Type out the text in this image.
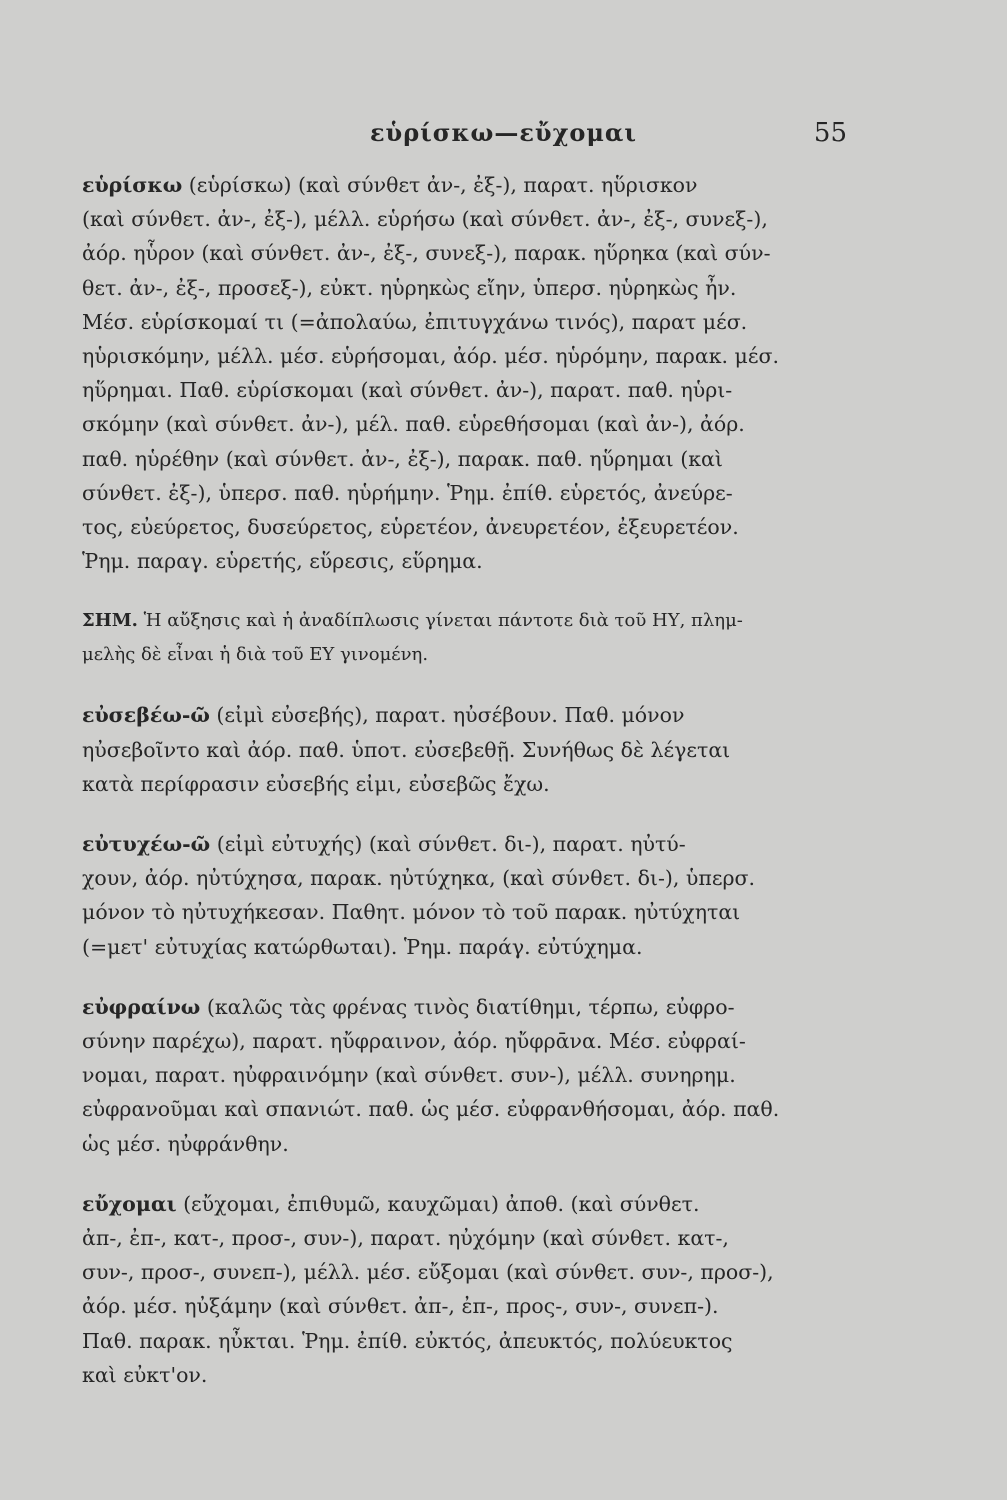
εὑρίσκω—εὔχομαι	55
εὑρίσκω (εὑρίσκω) (καὶ σύνθετ ἀν-, ἐξ-), παρατ. ηὕρισκον
(καὶ σύνθετ. ἀν-, ἐξ-), μέλλ. εὑρήσω (καὶ σύνθετ. ἀν-, ἐξ-, συνεξ-),
ἀόρ. ηὗρον (καὶ σύνθετ. ἀν-, ἐξ-, συνεξ-), παρακ. ηὕρηκα (καὶ σύν-
θετ. ἀν-, ἐξ-, προσεξ-), εὐκτ. ηὑρηκὼς εἴην, ὑπερσ. ηὑρηκὼς ἦν.
Μέσ. εὑρίσκομαί τι (=ἀπολαύω, ἐπιτυγχάνω τινός), παρατ μέσ.
ηὑρισκόμην, μέλλ. μέσ. εὑρήσομαι, ἀόρ. μέσ. ηὑρόμην, παρακ. μέσ.
ηὕρημαι. Παθ. εὑρίσκομαι (καὶ σύνθετ. ἀν-), παρατ. παθ. ηὑρι-
σκόμην (καὶ σύνθετ. ἀν-), μέλ. παθ. εὑρεθήσομαι (καὶ ἀν-), ἀόρ.
παθ. ηὑρέθην (καὶ σύνθετ. ἀν-, ἐξ-), παρακ. παθ. ηὕρημαι (καὶ
σύνθετ. ἐξ-), ὑπερσ. παθ. ηὑρήμην. Ῥημ. ἐπίθ. εὑρετός, ἀνεύρε-
τος, εὐεύρετος, δυσεύρετος, εὑρετέον, ἀνευρετέον, ἐξευρετέον.
Ῥημ. παραγ. εὑρετής, εὕρεσις, εὕρημα.
ΣΗΜ. Ἡ αὔξησις καὶ ἡ ἀναδίπλωσις γίνεται πάντοτε διὰ τοῦ ΗΥ, πλημ-
μελὴς δὲ εἶναι ἡ διὰ τοῦ ΕΥ γινομένη.
εὐσεβέω-ῶ (εἰμὶ εὐσεβής), παρατ. ηὐσέβουν. Παθ. μόνον
ηὐσεβοῖντο καὶ ἀόρ. παθ. ὑποτ. εὐσεβεθῇ. Συνήθως δὲ λέγεται
κατὰ περίφρασιν εὐσεβής εἰμι, εὐσεβῶς ἔχω.
εὐτυχέω-ῶ (εἰμὶ εὐτυχής) (καὶ σύνθετ. δι-), παρατ. ηὐτύ-
χουν, ἀόρ. ηὐτύχησα, παρακ. ηὐτύχηκα, (καὶ σύνθετ. δι-), ὑπερσ.
μόνον τὸ ηὐτυχήκεσαν. Παθητ. μόνον τὸ τοῦ παρακ. ηὐτύχηται
(=μετ' εὐτυχίας κατώρθωται). Ῥημ. παράγ. εὐτύχημα.
εὐφραίνω (καλῶς τὰς φρένας τινὸς διατίθημι, τέρπω, εὐφρο-
σύνην παρέχω), παρατ. ηὔφραινον, ἀόρ. ηὔφρᾱνα. Μέσ. εὐφραί-
νομαι, παρατ. ηὐφραινόμην (καὶ σύνθετ. συν-), μέλλ. συνηρημ.
εὐφρανοῦμαι καὶ σπανιώτ. παθ. ὡς μέσ. εὐφρανθήσομαι, ἀόρ. παθ.
ὡς μέσ. ηὐφράνθην.
εὔχομαι (εὔχομαι, ἐπιθυμῶ, καυχῶμαι) ἀποθ. (καὶ σύνθετ.
ἀπ-, ἐπ-, κατ-, προσ-, συν-), παρατ. ηὐχόμην (καὶ σύνθετ. κατ-,
συν-, προσ-, συνεπ-), μέλλ. μέσ. εὔξομαι (καὶ σύνθετ. συν-, προσ-),
ἀόρ. μέσ. ηὐξάμην (καὶ σύνθετ. ἀπ-, ἐπ-, προς-, συν-, συνεπ-).
Παθ. παρακ. ηὖκται. Ῥημ. ἐπίθ. εὐκτός, ἀπευκτός, πολύευκτος
καὶ εὐκτ'ον.
